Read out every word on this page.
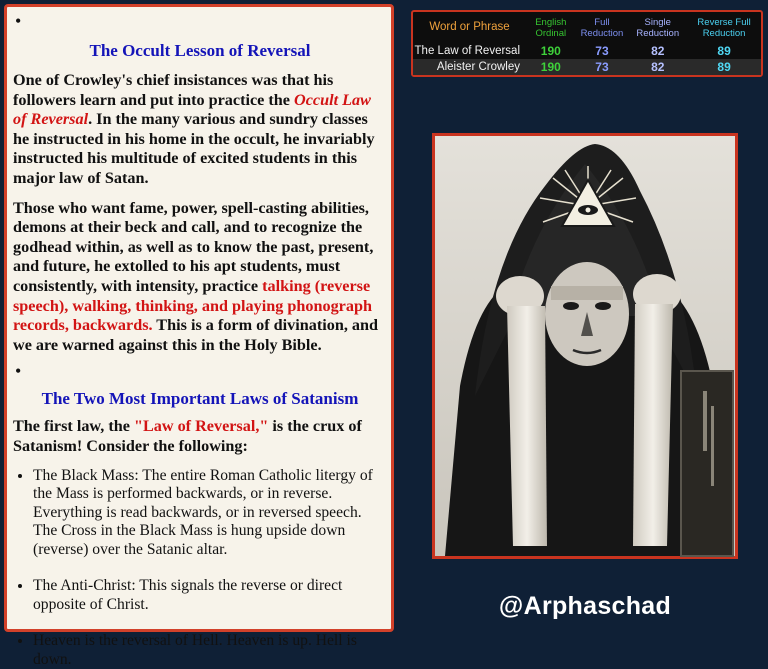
•
The Occult Lesson of Reversal

One of Crowley's chief insistances was that his followers learn and put into practice the Occult Law of Reversal. In the many various and sundry classes he instructed in his home in the occult, he invariably instructed his multitude of excited students in this major law of Satan.

Those who want fame, power, spell-casting abilities, demons at their beck and call, and to recognize the godhead within, as well as to know the past, present, and future, he extolled to his apt students, must consistently, with intensity, practice talking (reverse speech), walking, thinking, and playing phonograph records, backwards. This is a form of divination, and we are warned against this in the Holy Bible.

•
The Two Most Important Laws of Satanism

The first law, the "Law of Reversal," is the crux of Satanism! Consider the following:

• The Black Mass: The entire Roman Catholic litergy of the Mass is performed backwards, or in reverse. Everything is read backwards, or in reversed speech. The Cross in the Black Mass is hung upside down (reverse) over the Satanic altar.
• The Anti-Christ: This signals the reverse or direct opposite of Christ.
• Heaven is the reversal of Hell. Heaven is up. Hell is down.
Word or Phrase	English Ordinal	Full Reduction	Single Reduction	Reverse Full Reduction
The Law of Reversal	190	73	82	89
Aleister Crowley	190	73	82	89
@Arphaschad
